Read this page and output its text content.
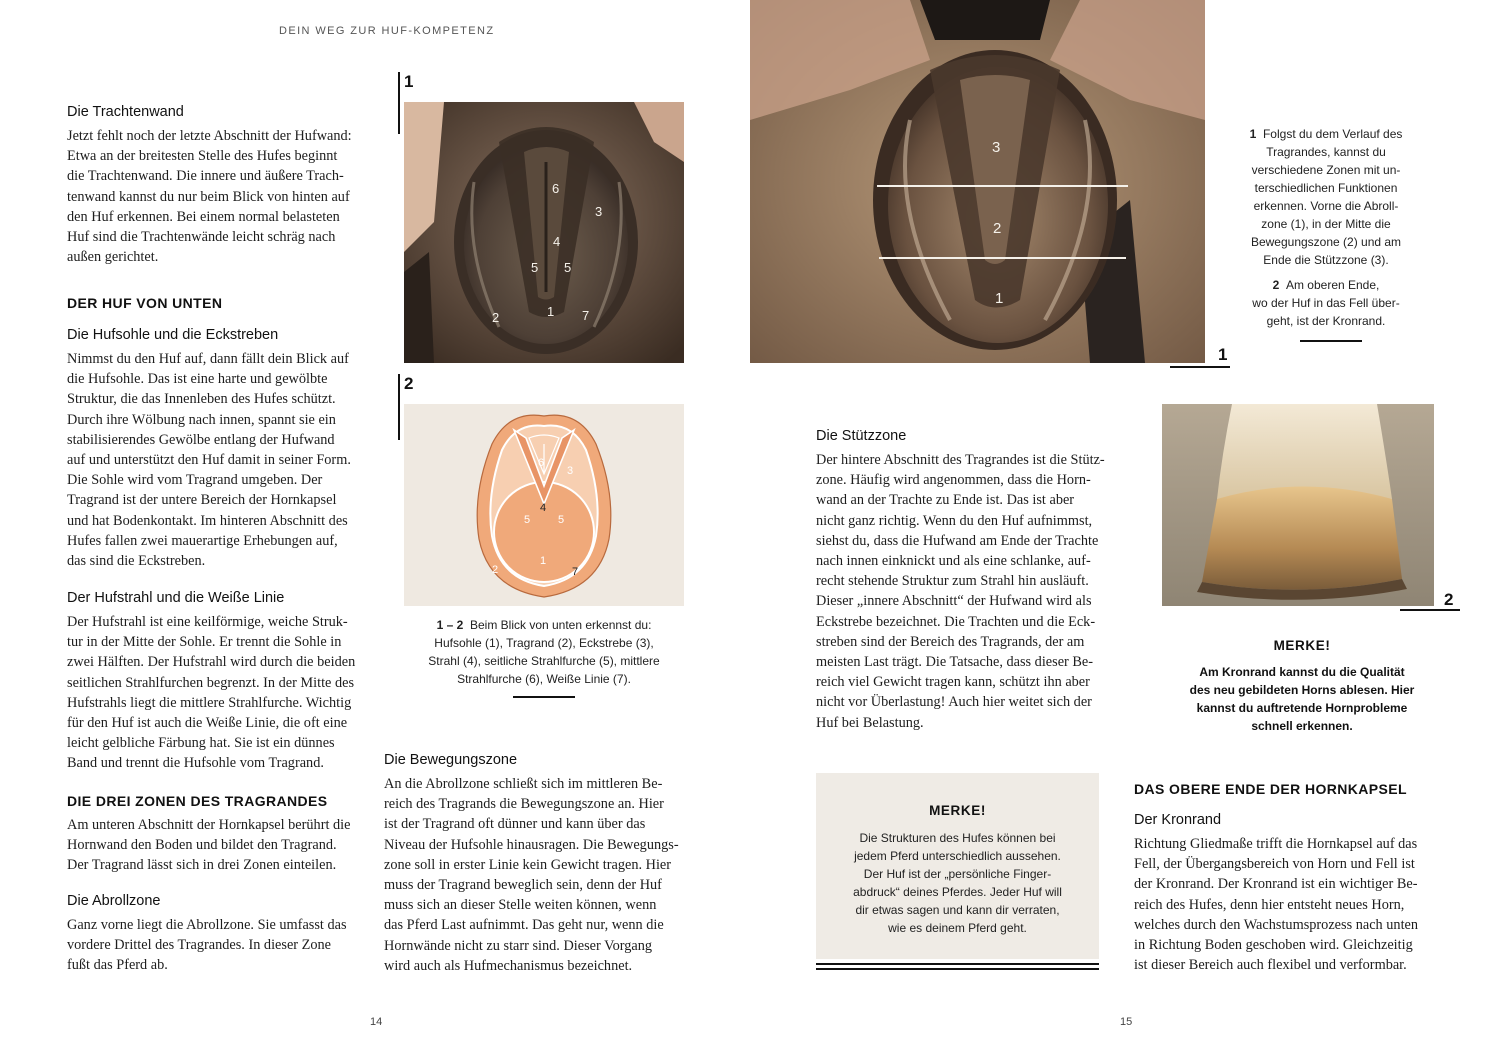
DEIN WEG ZUR HUF-KOMPETENZ
14	15
Die Trachtenwand
Jetzt fehlt noch der letzte Abschnitt der Hufwand:
Etwa an der breitesten Stelle des Hufes beginnt
die Trachtenwand. Die innere und äußere Trach-
tenwand kannst du nur beim Blick von hinten auf
den Huf erkennen. Bei einem normal belasteten
Huf sind die Trachtenwände leicht schräg nach
außen gerichtet.
DER HUF VON UNTEN
Die Hufsohle und die Eckstreben
Nimmst du den Huf auf, dann fällt dein Blick auf
die Hufsohle. Das ist eine harte und gewölbte
Struktur, die das Innenleben des Hufes schützt.
Durch ihre Wölbung nach innen, spannt sie ein
stabilisierendes Gewölbe entlang der Hufwand
auf und unterstützt den Huf damit in seiner Form.
Die Sohle wird vom Tragrand umgeben. Der
Tragrand ist der untere Bereich der Hornkapsel
und hat Bodenkontakt. Im hinteren Abschnitt des
Hufes fallen zwei mauerartige Erhebungen auf,
das sind die Eckstreben.
Der Hufstrahl und die Weiße Linie
Der Hufstrahl ist eine keilförmige, weiche Struk-
tur in der Mitte der Sohle. Er trennt die Sohle in
zwei Hälften. Der Hufstrahl wird durch die beiden
seitlichen Strahlfurchen begrenzt. In der Mitte des
Hufstrahls liegt die mittlere Strahlfurche. Wichtig
für den Huf ist auch die Weiße Linie, die oft eine
leicht gelbliche Färbung hat. Sie ist ein dünnes
Band und trennt die Hufsohle vom Tragrand.
DIE DREI ZONEN DES TRAGRANDES
Am unteren Abschnitt der Hornkapsel berührt die
Hornwand den Boden und bildet den Tragrand.
Der Tragrand lässt sich in drei Zonen einteilen.
Die Abrollzone
Ganz vorne liegt die Abrollzone. Sie umfasst das
vordere Drittel des Tragrandes. In dieser Zone
fußt das Pferd ab.
1
6
3
4
5 5
2	1 7
2
6
3
4
5	5
1
2	7
1 – 2 Beim Blick von unten erkennst du:
Hufsohle (1), Tragrand (2), Eckstrebe (3),
Strahl (4), seitliche Strahlfurche (5), mittlere
Strahlfurche (6), Weiße Linie (7).
Die Bewegungszone
An die Abrollzone schließt sich im mittleren Be-
reich des Tragrands die Bewegungszone an. Hier
ist der Tragrand oft dünner und kann über das
Niveau der Hufsohle hinausragen. Die Bewegungs-
zone soll in erster Linie kein Gewicht tragen. Hier
muss der Tragrand beweglich sein, denn der Huf
muss sich an dieser Stelle weiten können, wenn
das Pferd Last aufnimmt. Das geht nur, wenn die
Hornwände nicht zu starr sind. Dieser Vorgang
wird auch als Hufmechanismus bezeichnet.
3
2
1
1
1 Folgst du dem Verlauf des
Tragrandes, kannst du
verschiedene Zonen mit un-
terschiedlichen Funktionen
erkennen. Vorne die Abroll-
zone (1), in der Mitte die
Bewegungszone (2) und am
Ende die Stützzone (3).
2 Am oberen Ende,
wo der Huf in das Fell über-
geht, ist der Kronrand.
Die Stützzone
Der hintere Abschnitt des Tragrandes ist die Stütz-
zone. Häufig wird angenommen, dass die Horn-
wand an der Trachte zu Ende ist. Das ist aber
nicht ganz richtig. Wenn du den Huf aufnimmst,
siehst du, dass die Hufwand am Ende der Trachte
nach innen einknickt und als eine schlanke, auf-
recht stehende Struktur zum Strahl hin ausläuft.
Dieser „innere Abschnitt“ der Hufwand wird als
Eckstrebe bezeichnet. Die Trachten und die Eck-
streben sind der Bereich des Tragrands, der am
meisten Last trägt. Die Tatsache, dass dieser Be-
reich viel Gewicht tragen kann, schützt ihn aber
nicht vor Überlastung! Auch hier weitet sich der
Huf bei Belastung.
2
MERKE!
Am Kronrand kannst du die Qualität
des neu gebildeten Horns ablesen. Hier
kannst du auftretende Hornprobleme
schnell erkennen.
MERKE!
Die Strukturen des Hufes können bei
jedem Pferd unterschiedlich aussehen.
Der Huf ist der „persönliche Finger-
abdruck“ deines Pferdes. Jeder Huf will
dir etwas sagen und kann dir verraten,
wie es deinem Pferd geht.
DAS OBERE ENDE DER HORNKAPSEL
Der Kronrand
Richtung Gliedmaße trifft die Hornkapsel auf das
Fell, der Übergangsbereich von Horn und Fell ist
der Kronrand. Der Kronrand ist ein wichtiger Be-
reich des Hufes, denn hier entsteht neues Horn,
welches durch den Wachstumsprozess nach unten
in Richtung Boden geschoben wird. Gleichzeitig
ist dieser Bereich auch flexibel und verformbar.
